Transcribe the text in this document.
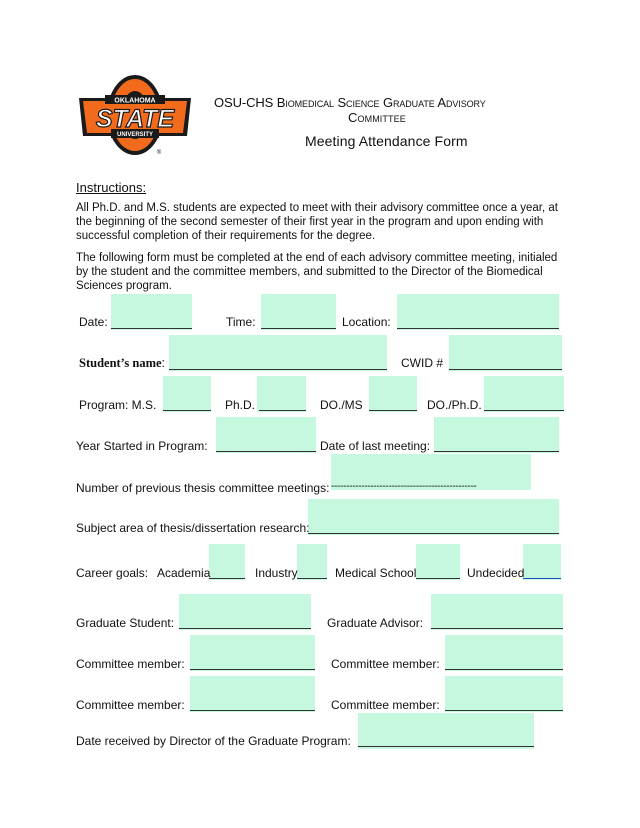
OKLAHOMA
STATE
UNIVERSITY
®
OSU-CHS Biomedical Science Graduate Advisory
Committee
Meeting Attendance Form
Instructions:
All Ph.D. and M.S. students are expected to meet with their advisory committee once a year, at the beginning of the second semester of their first year in the program and upon ending with successful completion of their requirements for the degree.
The following form must be completed at the end of each advisory committee meeting, initialed by the student and the committee members, and submitted to the Director of the Biomedical Sciences program.
Date:	Time:	Location:
Student’s name:	CWID #
Program: M.S.	Ph.D.	DO./MS	DO./Ph.D.
Year Started in Program:	Date of last meeting:
Number of previous thesis committee meetings: ------------------------------------------------
Subject area of thesis/dissertation research:
Career goals: Academia	Industry	Medical School	Undecided
Graduate Student:	Graduate Advisor:
Committee member:	Committee member:
Committee member:	Committee member:
Date received by Director of the Graduate Program:
